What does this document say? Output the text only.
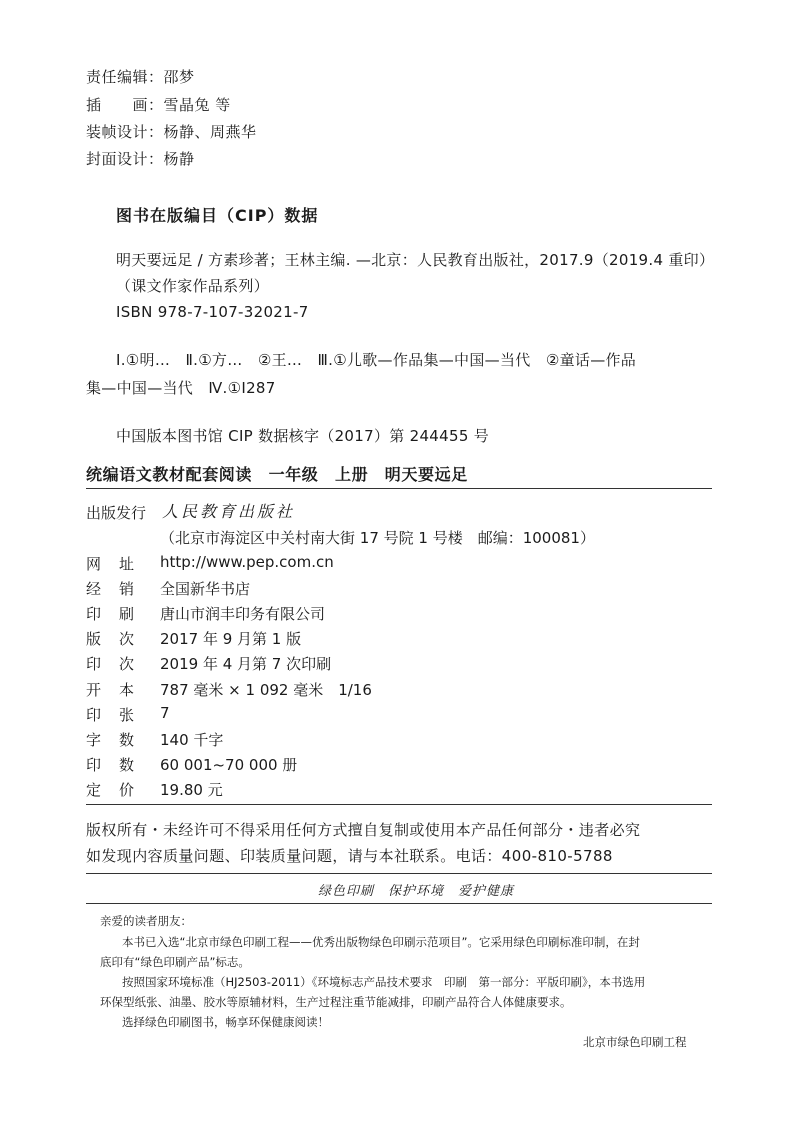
责任编辑：邵梦
插　　画：雪晶兔 等
装帧设计：杨静、周燕华
封面设计：杨静
图书在版编目（CIP）数据
明天要远足 / 方素珍著；王林主编. —北京：人民教育出版社，2017.9（2019.4 重印）
（课文作家作品系列）
ISBN 978-7-107-32021-7
Ⅰ.①明…　Ⅱ.①方…　②王…　Ⅲ.①儿歌—作品集—中国—当代　②童话—作品
集—中国—当代　Ⅳ.①I287
中国版本图书馆 CIP 数据核字（2017）第 244455 号
统编语文教材配套阅读　一年级　上册　明天要远足
出版发行 人民教育出版社
（北京市海淀区中关村南大街 17 号院 1 号楼　邮编：100081）
网 址 http://www.pep.com.cn
经 销 全国新华书店
印 刷 唐山市润丰印务有限公司
版 次 2017 年 9 月第 1 版
印 次 2019 年 4 月第 7 次印刷
开 本 787 毫米 × 1 092 毫米　1/16
印 张 7
字 数 140 千字
印 数 60 001~70 000 册
定 价 19.80 元
版权所有・未经许可不得采用任何方式擅自复制或使用本产品任何部分・违者必究
如发现内容质量问题、印装质量问题，请与本社联系。电话：400-810-5788
绿色印刷　保护环境　爱护健康
亲爱的读者朋友：
本书已入选“北京市绿色印刷工程——优秀出版物绿色印刷示范项目”。它采用绿色印刷标准印制，在封
底印有“绿色印刷产品”标志。
按照国家环境标准（HJ2503-2011）《环境标志产品技术要求　印刷　第一部分：平版印刷》，本书选用
环保型纸张、油墨、胶水等原辅材料，生产过程注重节能减排，印刷产品符合人体健康要求。
选择绿色印刷图书，畅享环保健康阅读！
北京市绿色印刷工程
